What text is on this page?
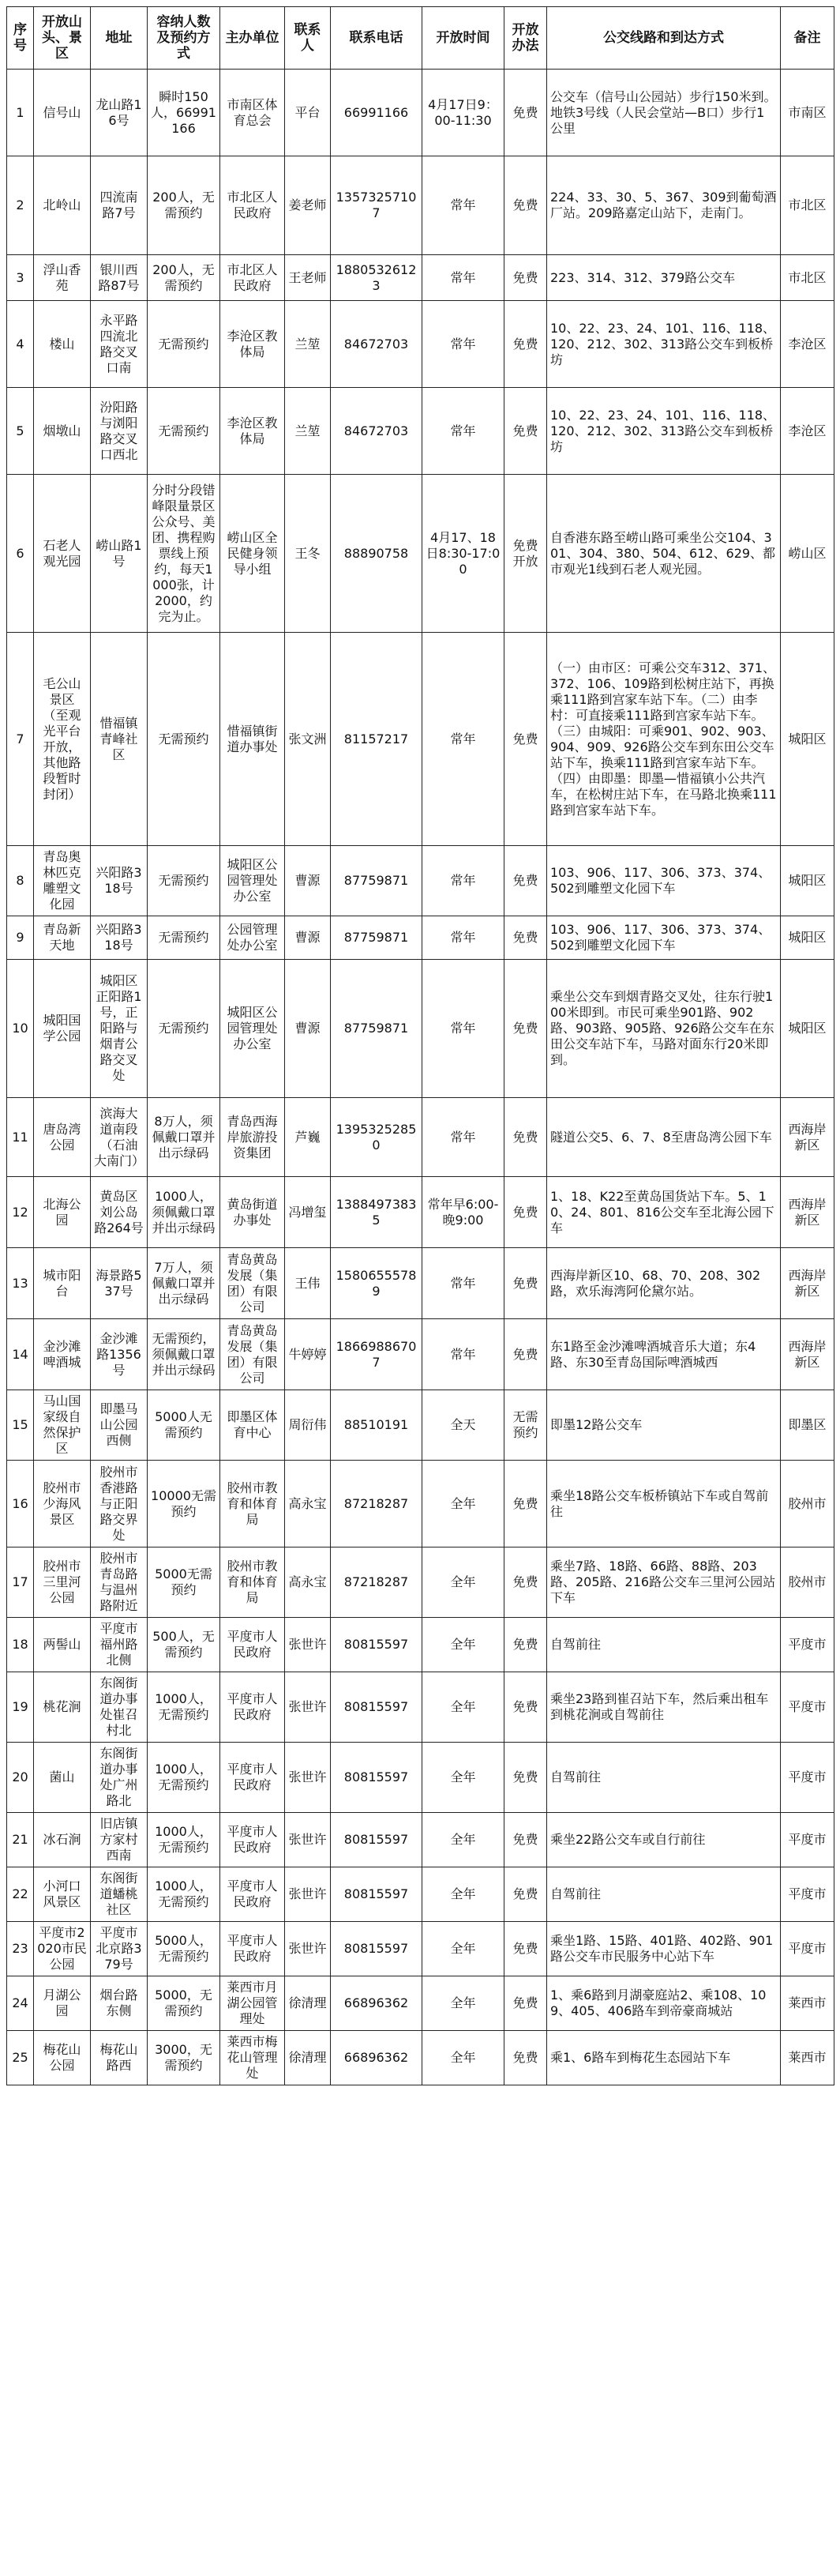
序号	开放山头、景区	地址	容纳人数及预约方式	主办单位	联系人	联系电话	开放时间	开放办法	公交线路和到达方式	备注
1	信号山	龙山路16号	瞬时150人，66991166	市南区体育总会	平台	66991166	4月17日9：00-11:30	免费	公交车（信号山公园站）步行150米到。地铁3号线（人民会堂站—B口）步行1公里	市南区
2	北岭山	四流南路7号	200人，无需预约	市北区人民政府	姜老师	13573257107	常年	免费	224、33、30、5、367、309到葡萄酒厂站。209路嘉定山站下，走南门。	市北区
3	浮山香苑	银川西路87号	200人，无需预约	市北区人民政府	王老师	18805326123	常年	免费	223、314、312、379路公交车	市北区
4	楼山	永平路四流北路交叉口南	无需预约	李沧区教体局	兰堃	84672703	常年	免费	10、22、23、24、101、116、118、120、212、302、313路公交车到板桥坊	李沧区
5	烟墩山	汾阳路与浏阳路交叉口西北	无需预约	李沧区教体局	兰堃	84672703	常年	免费	10、22、23、24、101、116、118、120、212、302、313路公交车到板桥坊	李沧区
6	石老人观光园	崂山路1号	分时分段错峰限量景区公众号、美团、携程购票线上预约，每天1000张，计2000，约完为止。	崂山区全民健身领导小组	王冬	88890758	4月17、18日8:30-17:00	免费开放	自香港东路至崂山路可乘坐公交104、301、304、380、504、612、629、都市观光1线到石老人观光园。	崂山区
7	毛公山景区（至观光平台开放，其他路段暂时封闭）	惜福镇青峰社区	无需预约	惜福镇街道办事处	张文洲	81157217	常年	免费	（一）由市区：可乘公交车312、371、372、106、109路到松树庄站下，再换乘111路到宫家车站下车。（二）由李村：可直接乘111路到宫家车站下车。（三）由城阳：可乘901、902、903、904、909、926路公交车到东田公交车站下车，换乘111路到宫家车站下车。（四）由即墨：即墨—惜福镇小公共汽车，在松树庄站下车，在马路北换乘111路到宫家车站下车。	城阳区
8	青岛奥林匹克雕塑文化园	兴阳路318号	无需预约	城阳区公园管理处办公室	曹源	87759871	常年	免费	103、906、117、306、373、374、502到雕塑文化园下车	城阳区
9	青岛新天地	兴阳路318号	无需预约	公园管理处办公室	曹源	87759871	常年	免费	103、906、117、306、373、374、502到雕塑文化园下车	城阳区
10	城阳国学公园	城阳区正阳路1号，正阳路与烟青公路交叉处	无需预约	城阳区公园管理处办公室	曹源	87759871	常年	免费	乘坐公交车到烟青路交叉处，往东行驶100米即到。市民可乘坐901路、902路、903路、905路、926路公交车在东田公交车站下车，马路对面东行20米即到。	城阳区
11	唐岛湾公园	滨海大道南段（石油大南门）	8万人，须佩戴口罩并出示绿码	青岛西海岸旅游投资集团	芦巍	13953252850	常年	免费	隧道公交5、6、7、8至唐岛湾公园下车	西海岸新区
12	北海公园	黄岛区刘公岛路264号	1000人，须佩戴口罩并出示绿码	黄岛街道办事处	冯增玺	13884973835	常年早6:00-晚9:00	免费	1、18、K22至黄岛国货站下车。5、10、24、801、816公交车至北海公园下车	西海岸新区
13	城市阳台	海景路537号	7万人，须佩戴口罩并出示绿码	青岛黄岛发展（集团）有限公司	王伟	15806555789	常年	免费	西海岸新区10、68、70、208、302路，欢乐海湾阿伦黛尔站。	西海岸新区
14	金沙滩啤酒城	金沙滩路1356号	无需预约，须佩戴口罩并出示绿码	青岛黄岛发展（集团）有限公司	牛婷婷	18669886707	常年	免费	东1路至金沙滩啤酒城音乐大道；东4路、东30至青岛国际啤酒城西	西海岸新区
15	马山国家级自然保护区	即墨马山公园西侧	5000人无需预约	即墨区体育中心	周衍伟	88510191	全天	无需预约	即墨12路公交车	即墨区
16	胶州市少海风景区	胶州市香港路与正阳路交界处	10000无需预约	胶州市教育和体育局	高永宝	87218287	全年	免费	乘坐18路公交车板桥镇站下车或自驾前往	胶州市
17	胶州市三里河公园	胶州市青岛路与温州路附近	5000无需预约	胶州市教育和体育局	高永宝	87218287	全年	免费	乘坐7路、18路、66路、88路、203路、205路、216路公交车三里河公园站下车	胶州市
18	两髻山	平度市福州路北侧	500人，无需预约	平度市人民政府	张世许	80815597	全年	免费	自驾前往	平度市
19	桃花涧	东阁街道办事处崔召村北	1000人，无需预约	平度市人民政府	张世许	80815597	全年	免费	乘坐23路到崔召站下车，然后乘出租车到桃花涧或自驾前往	平度市
20	菌山	东阁街道办事处广州路北	1000人，无需预约	平度市人民政府	张世许	80815597	全年	免费	自驾前往	平度市
21	冰石涧	旧店镇方家村西南	1000人，无需预约	平度市人民政府	张世许	80815597	全年	免费	乘坐22路公交车或自行前往	平度市
22	小河口风景区	东阁街道蟠桃社区	1000人，无需预约	平度市人民政府	张世许	80815597	全年	免费	自驾前往	平度市
23	平度市2020市民公园	平度市北京路379号	5000人，无需预约	平度市人民政府	张世许	80815597	全年	免费	乘坐1路、15路、401路、402路、901路公交车市民服务中心站下车	平度市
24	月湖公园	烟台路东侧	5000，无需预约	莱西市月湖公园管理处	徐清理	66896362	全年	免费	1、乘6路到月湖豪庭站2、乘108、109、405、406路车到帝豪商城站	莱西市
25	梅花山公园	梅花山路西	3000，无需预约	莱西市梅花山管理处	徐清理	66896362	全年	免费	乘1、6路车到梅花生态园站下车	莱西市
